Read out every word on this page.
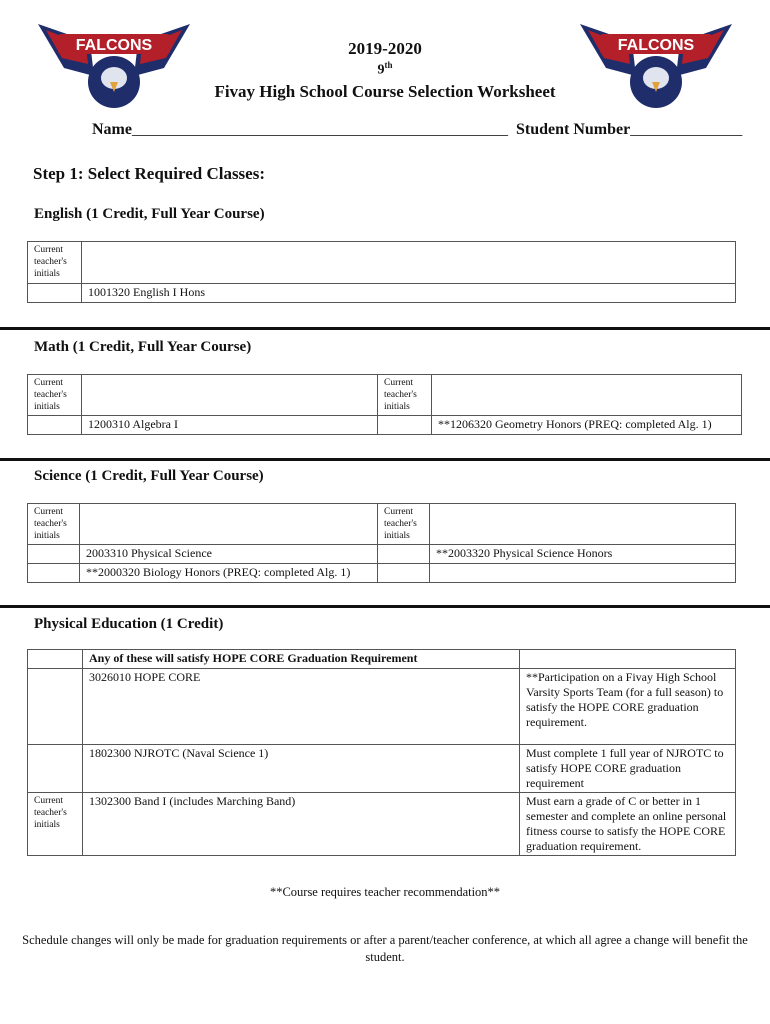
FALCONS	FALCONS
2019-2020
9th
Fivay High School Course Selection Worksheet
Name_______________________________________________ Student Number______________
Step 1: Select Required Classes:
English (1 Credit, Full Year Course)
Current teacher's initials	
	1001320 English I Hons
Math (1 Credit, Full Year Course)
Current teacher's initials		Current teacher's initials	
	1200310 Algebra I		**1206320 Geometry Honors (PREQ: completed Alg. 1)
Science (1 Credit, Full Year Course)
Current teacher's initials		Current teacher's initials	
	2003310 Physical Science		**2003320 Physical Science Honors
	**2000320 Biology Honors (PREQ: completed Alg. 1)		
Physical Education (1 Credit)
	Any of these will satisfy HOPE CORE Graduation Requirement	
	3026010 HOPE CORE	**Participation on a Fivay High School Varsity Sports Team (for a full season) to satisfy the HOPE CORE graduation requirement.
	1802300 NJROTC (Naval Science 1)	Must complete 1 full year of NJROTC to satisfy HOPE CORE graduation requirement
Current teacher's initials	1302300 Band I (includes Marching Band)	Must earn a grade of C or better in 1 semester and complete an online personal fitness course to satisfy the HOPE CORE graduation requirement.
**Course requires teacher recommendation**
Schedule changes will only be made for graduation requirements or after a parent/teacher conference, at which all agree a change will benefit the student.
